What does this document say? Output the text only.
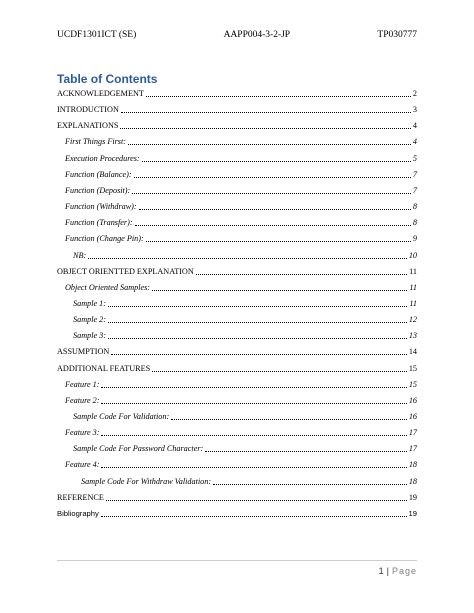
UCDF1301ICT (SE)	AAPP004-3-2-JP	TP030777
Table of Contents
ACKNOWLEDGEMENT	2
INTRODUCTION	3
EXPLANATIONS	4
First Things First:	4
Execution Procedures:	5
Function (Balance):	7
Function (Deposit):	7
Function (Withdraw):	8
Function (Transfer):	8
Function (Change Pin):	9
NB:	10
OBJECT ORIENTTED EXPLANATION	11
Object Oriented Samples:	11
Sample 1:	11
Sample 2:	12
Sample 3:	13
ASSUMPTION	14
ADDITIONAL FEATURES	15
Feature 1:	15
Feature 2:	16
Sample Code For Validation:	16
Feature 3:	17
Sample Code For Password Character:	17
Feature 4:	18
Sample Code For Withdraw Validation:	18
REFERENCE	19
Bibliography	19
1 | Page
